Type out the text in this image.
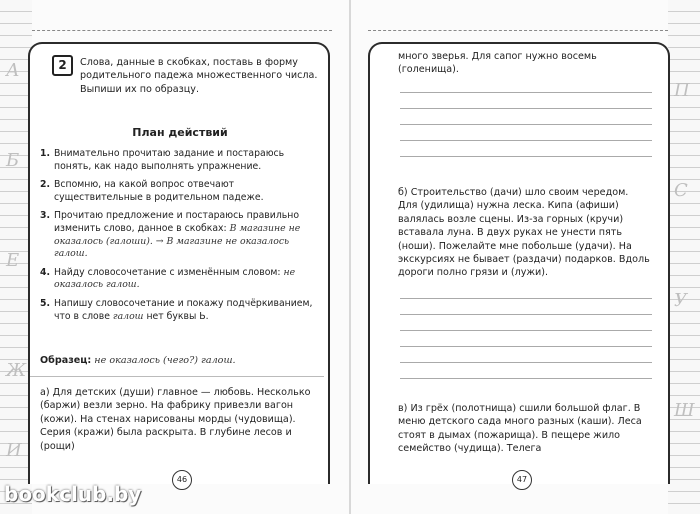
А
Б
Е
Ж
И
П
С
У
Ш
2	Слова, данные в скобках, поставь в форму родительного падежа множественного числа. Выпиши их по образцу.
План действий
1. Внимательно прочитаю задание и постараюсь понять, как надо выполнять упражнение.
2. Вспомню, на какой вопрос отвечают существительные в родительном падеже.
3. Прочитаю предложение и постараюсь правильно изменить слово, данное в скобках: В магазине не оказалось (галоши). → В магазине не оказалось галош.
4. Найду словосочетание с изменённым словом: не оказалось галош.
5. Напишу словосочетание и покажу подчёркиванием, что в слове галош нет буквы Ь.
Образец: не оказалось (чего?) галош.
а) Для детских (души) главное — любовь. Несколько (баржи) везли зерно. На фабрику привезли вагон (кожи). На стенах нарисованы морды (чудовища). Серия (кражи) была раскрыта. В глубине лесов и (рощи)
46
много зверья. Для сапог нужно восемь (голенища).
б) Строительство (дачи) шло своим чередом. Для (удилища) нужна леска. Кипа (афиши) валялась возле сцены. Из-за горных (кручи) вставала луна. В двух руках не унести пять (ноши). Пожелайте мне побольше (удачи). На экскурсиях не бывает (раздачи) подарков. Вдоль дороги полно грязи и (лужи).
в) Из грёх (полотнища) сшили большой флаг. В меню детского сада много разных (каши). Леса стоят в дымах (пожарища). В пещере жило семейство (чудища). Телега
47
bookclub.by
